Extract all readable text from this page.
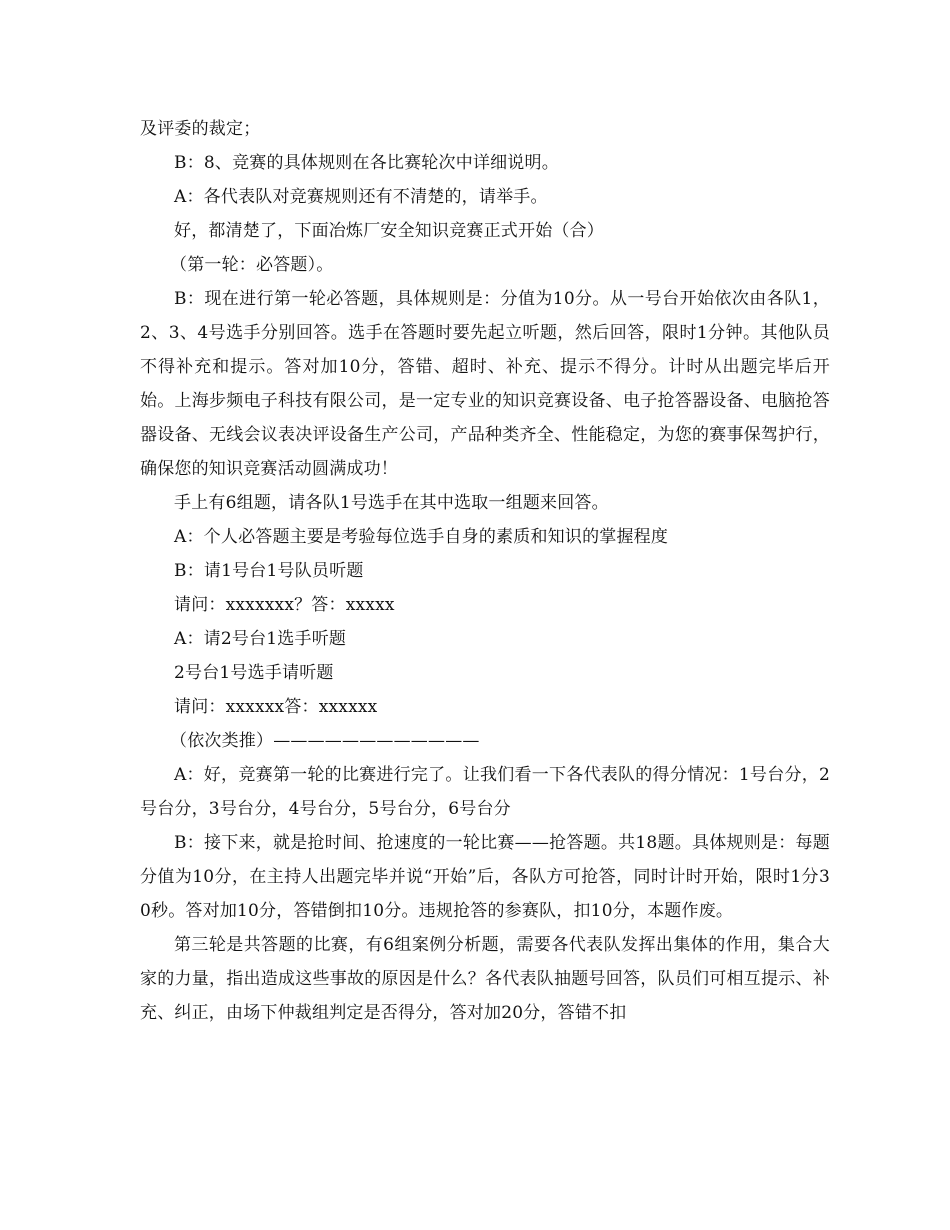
及评委的裁定；

B：8、竞赛的具体规则在各比赛轮次中详细说明。

A：各代表队对竞赛规则还有不清楚的，请举手。

好，都清楚了，下面冶炼厂安全知识竞赛正式开始（合）

（第一轮：必答题）。

B：现在进行第一轮必答题，具体规则是：分值为10分。从一号台开始依次由各队1，2、3、4号选手分别回答。选手在答题时要先起立听题，然后回答，限时1分钟。其他队员不得补充和提示。答对加10分，答错、超时、补充、提示不得分。计时从出题完毕后开始。上海步频电子科技有限公司，是一定专业的知识竞赛设备、电子抢答器设备、电脑抢答器设备、无线会议表决评设备生产公司，产品种类齐全、性能稳定，为您的赛事保驾护行，确保您的知识竞赛活动圆满成功！

手上有6组题，请各队1号选手在其中选取一组题来回答。

A：个人必答题主要是考验每位选手自身的素质和知识的掌握程度

B：请1号台1号队员听题

请问：xxxxxxx？答：xxxxx

A：请2号台1选手听题

2号台1号选手请听题

请问：xxxxxx答：xxxxxx

（依次类推）————————————

A：好，竞赛第一轮的比赛进行完了。让我们看一下各代表队的得分情况：1号台分，2号台分，3号台分，4号台分，5号台分，6号台分

B：接下来，就是抢时间、抢速度的一轮比赛——抢答题。共18题。具体规则是：每题分值为10分，在主持人出题完毕并说“开始”后，各队方可抢答，同时计时开始，限时1分30秒。答对加10分，答错倒扣10分。违规抢答的参赛队，扣10分，本题作废。

第三轮是共答题的比赛，有6组案例分析题，需要各代表队发挥出集体的作用，集合大家的力量，指出造成这些事故的原因是什么？各代表队抽题号回答，队员们可相互提示、补充、纠正，由场下仲裁组判定是否得分，答对加20分，答错不扣
